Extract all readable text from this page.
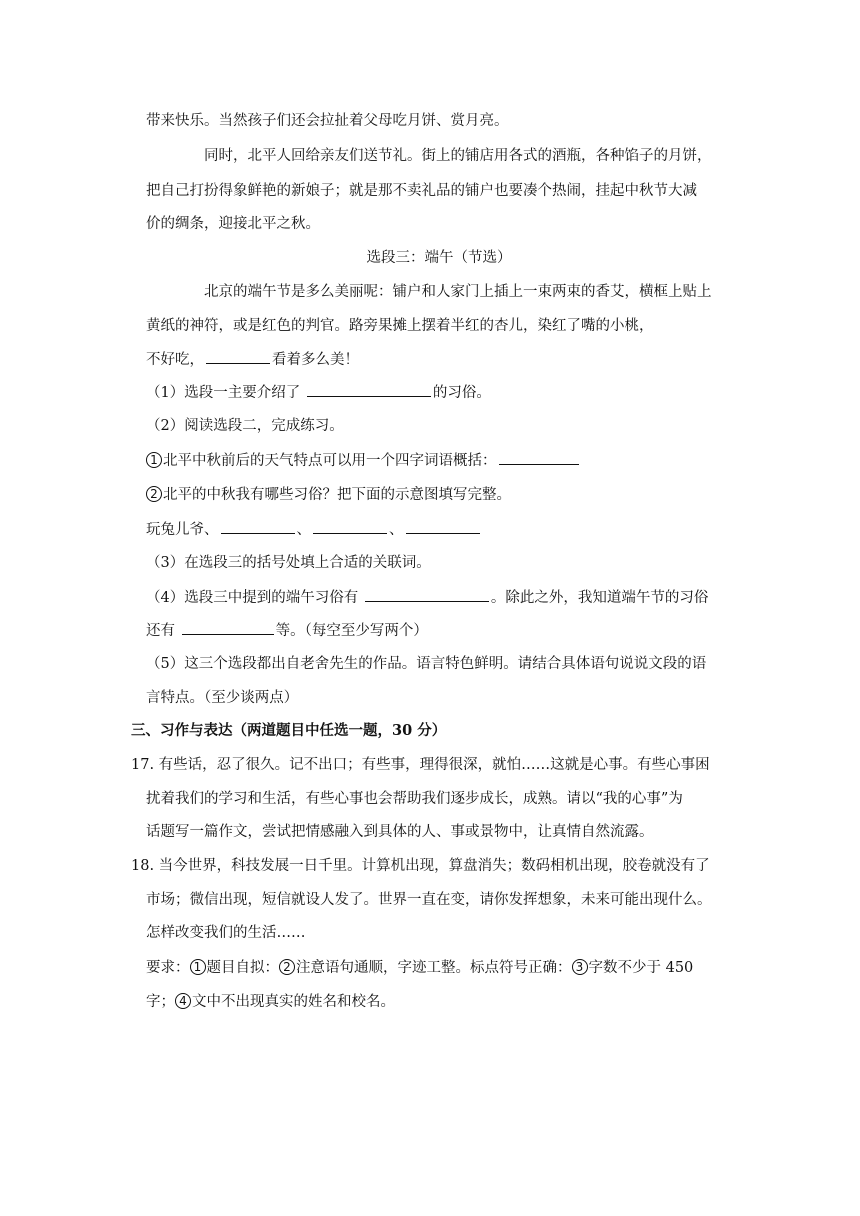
带来快乐。当然孩子们还会拉扯着父母吃月饼、赏月亮。
同时，北平人回给亲友们送节礼。街上的铺店用各式的酒瓶，各种馅子的月饼，
把自己打扮得象鲜艳的新娘子；就是那不卖礼品的铺户也要凑个热闹，挂起中秋节大减
价的绸条，迎接北平之秋。
选段三：端午（节选）
北京的端午节是多么美丽呢：铺户和人家门上插上一束两束的香艾，横框上贴上
黄纸的神符，或是红色的判官。路旁果摊上摆着半红的杏儿，染红了嘴的小桃，
不好吃，	看着多么美！
（1）选段一主要介绍了	的习俗。
（2）阅读选段二，完成练习。
1 北平中秋前后的天气特点可以用一个四字词语概括：
2 北平的中秋我有哪些习俗？把下面的示意图填写完整。
玩兔儿爷、	、	、
（3）在选段三的括号处填上合适的关联词。
（4）选段三中提到的端午习俗有	。除此之外，我知道端午节的习俗
还有	等。（每空至少写两个）
（5）这三个选段都出自老舍先生的作品。语言特色鲜明。请结合具体语句说说文段的语
言特点。（至少谈两点）
三、习作与表达（两道题目中任选一题，30 分）
17. 有些话，忍了很久。记不出口；有些事，理得很深，就怕……这就是心事。有些心事困
扰着我们的学习和生活，有些心事也会帮助我们逐步成长，成熟。请以“我的心事”为
话题写一篇作文，尝试把情感融入到具体的人、事或景物中，让真情自然流露。
18. 当今世界，科技发展一日千里。计算机出现，算盘消失；数码相机出现，胶卷就没有了
市场；微信出现，短信就设人发了。世界一直在变，请你发挥想象，未来可能出现什么。
怎样改变我们的生活……
要求： 1 题目自拟： 2 注意语句通顺，字迹工整。标点符号正确： 3 字数不少于 450
字； 4 文中不出现真实的姓名和校名。
